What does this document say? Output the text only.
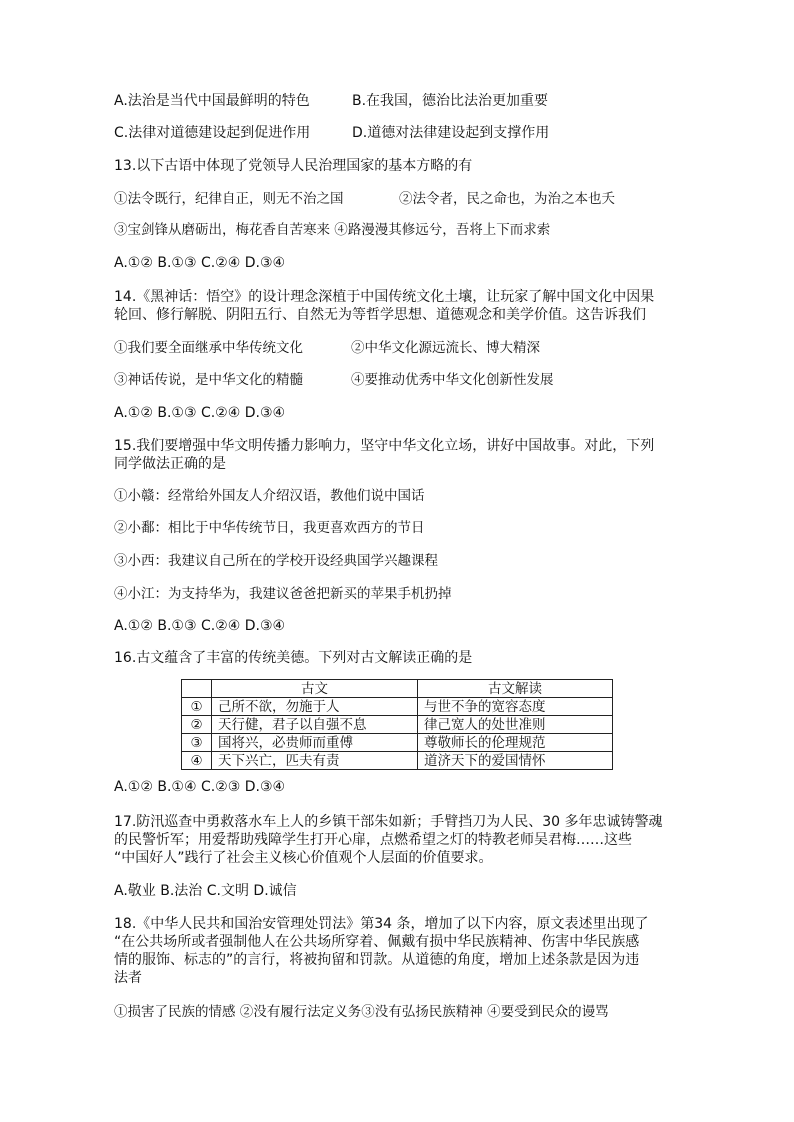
A.法治是当代中国最鲜明的特色	B.在我国，德治比法治更加重要
C.法律对道德建设起到促进作用	D.道德对法律建设起到支撑作用
13.以下古语中体现了党领导人民治理国家的基本方略的有
①法令既行，纪律自正，则无不治之国	②法令者，民之命也，为治之本也夭
③宝剑锋从磨砺出，梅花香自苦寒来 ④路漫漫其修远兮，吾将上下而求索
A.①② B.①③ C.②④ D.③④
14.《黑神话：悟空》的设计理念深植于中国传统文化土壤，让玩家了解中国文化中因果
轮回、修行解脱、阴阳五行、自然无为等哲学思想、道德观念和美学价值。这告诉我们
①我们要全面继承中华传统文化	②中华文化源远流长、博大精深
③神话传说，是中华文化的精髓	④要推动优秀中华文化创新性发展
A.①② B.①③ C.②④ D.③④
15.我们要增强中华文明传播力影响力，坚守中华文化立场，讲好中国故事。对此，下列
同学做法正确的是
①小赣：经常给外国友人介绍汉语，教他们说中国话
②小鄱：相比于中华传统节日，我更喜欢西方的节日
③小西：我建议自己所在的学校开设经典国学兴趣课程
④小江：为支持华为，我建议爸爸把新买的苹果手机扔掉
A.①② B.①③ C.②④ D.③④
16.古文蕴含了丰富的传统美德。下列对古文解读正确的是
	古文	古文解读
①	己所不欲，勿施于人	与世不争的宽容态度
②	天行健，君子以自强不息	律己宽人的处世准则
③	国将兴，必贵师而重傅	尊敬师长的伦理规范
④	天下兴亡，匹夫有责	道济天下的爱国情怀
A.①② B.①④ C.②③ D.③④
17.防汛巡查中勇救落水车上人的乡镇干部朱如新；手臂挡刀为人民、30 多年忠诚铸警魂
的民警忻军；用爱帮助残障学生打开心扉，点燃希望之灯的特教老师吴君梅……这些
“中国好人”践行了社会主义核心价值观个人层面的价值要求。
A.敬业 B.法治 C.文明 D.诚信
18.《中华人民共和国治安管理处罚法》第34 条，增加了以下内容，原文表述里出现了
“在公共场所或者强制他人在公共场所穿着、佩戴有损中华民族精神、伤害中华民族感
情的服饰、标志的”的言行，将被拘留和罚款。从道德的角度，增加上述条款是因为违
法者
①损害了民族的情感 ②没有履行法定义务③没有弘扬民族精神 ④要受到民众的谩骂
